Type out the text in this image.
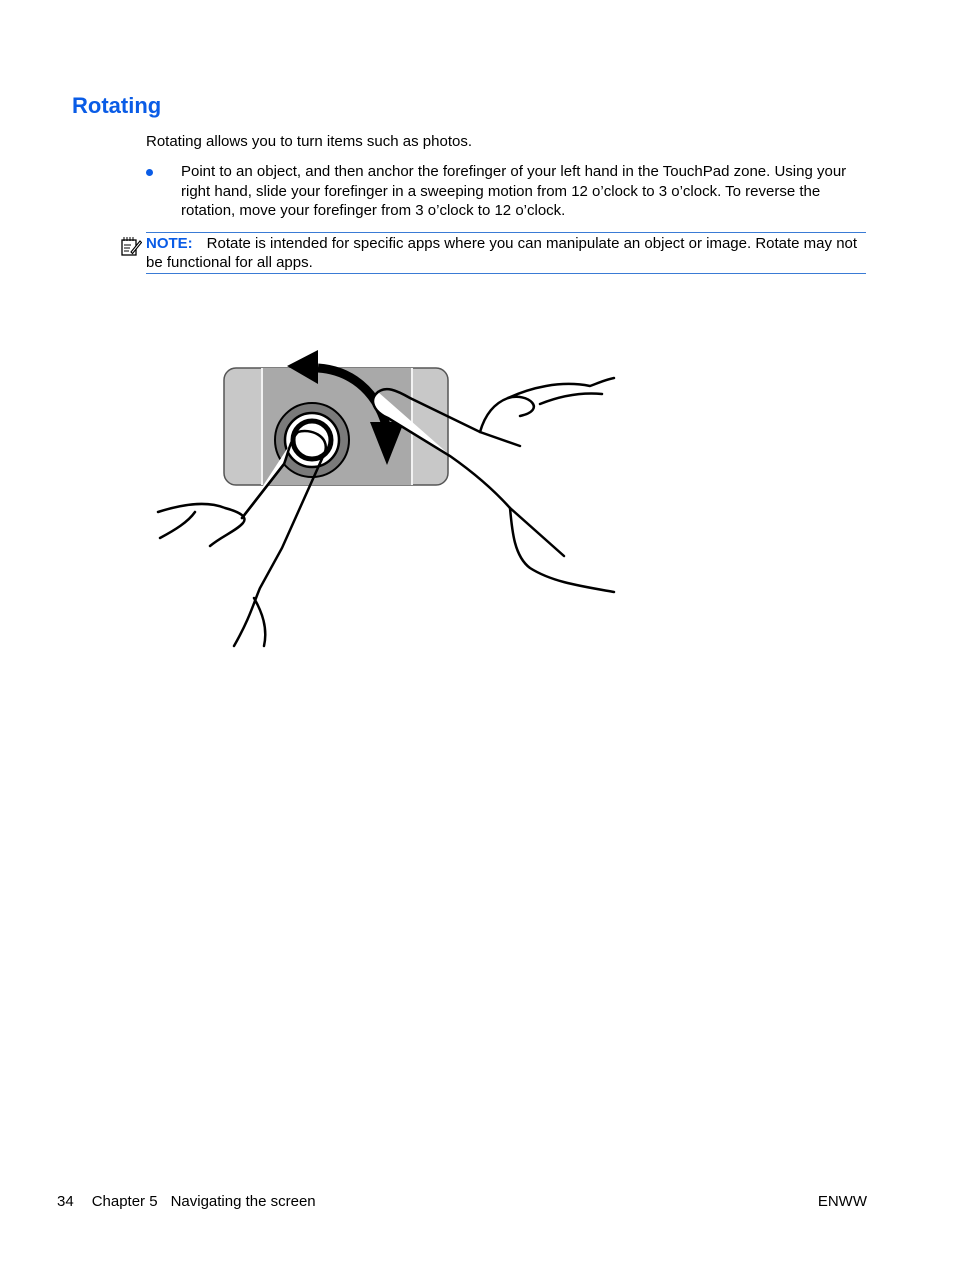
Rotating

Rotating allows you to turn items such as photos.

Point to an object, and then anchor the forefinger of your left hand in the TouchPad zone. Using your right hand, slide your forefinger in a sweeping motion from 12 o’clock to 3 o’clock. To reverse the rotation, move your forefinger from 3 o’clock to 12 o’clock.
NOTE: Rotate is intended for specific apps where you can manipulate an object or image. Rotate may not be functional for all apps.
34 Chapter 5 Navigating the screen	ENWW
